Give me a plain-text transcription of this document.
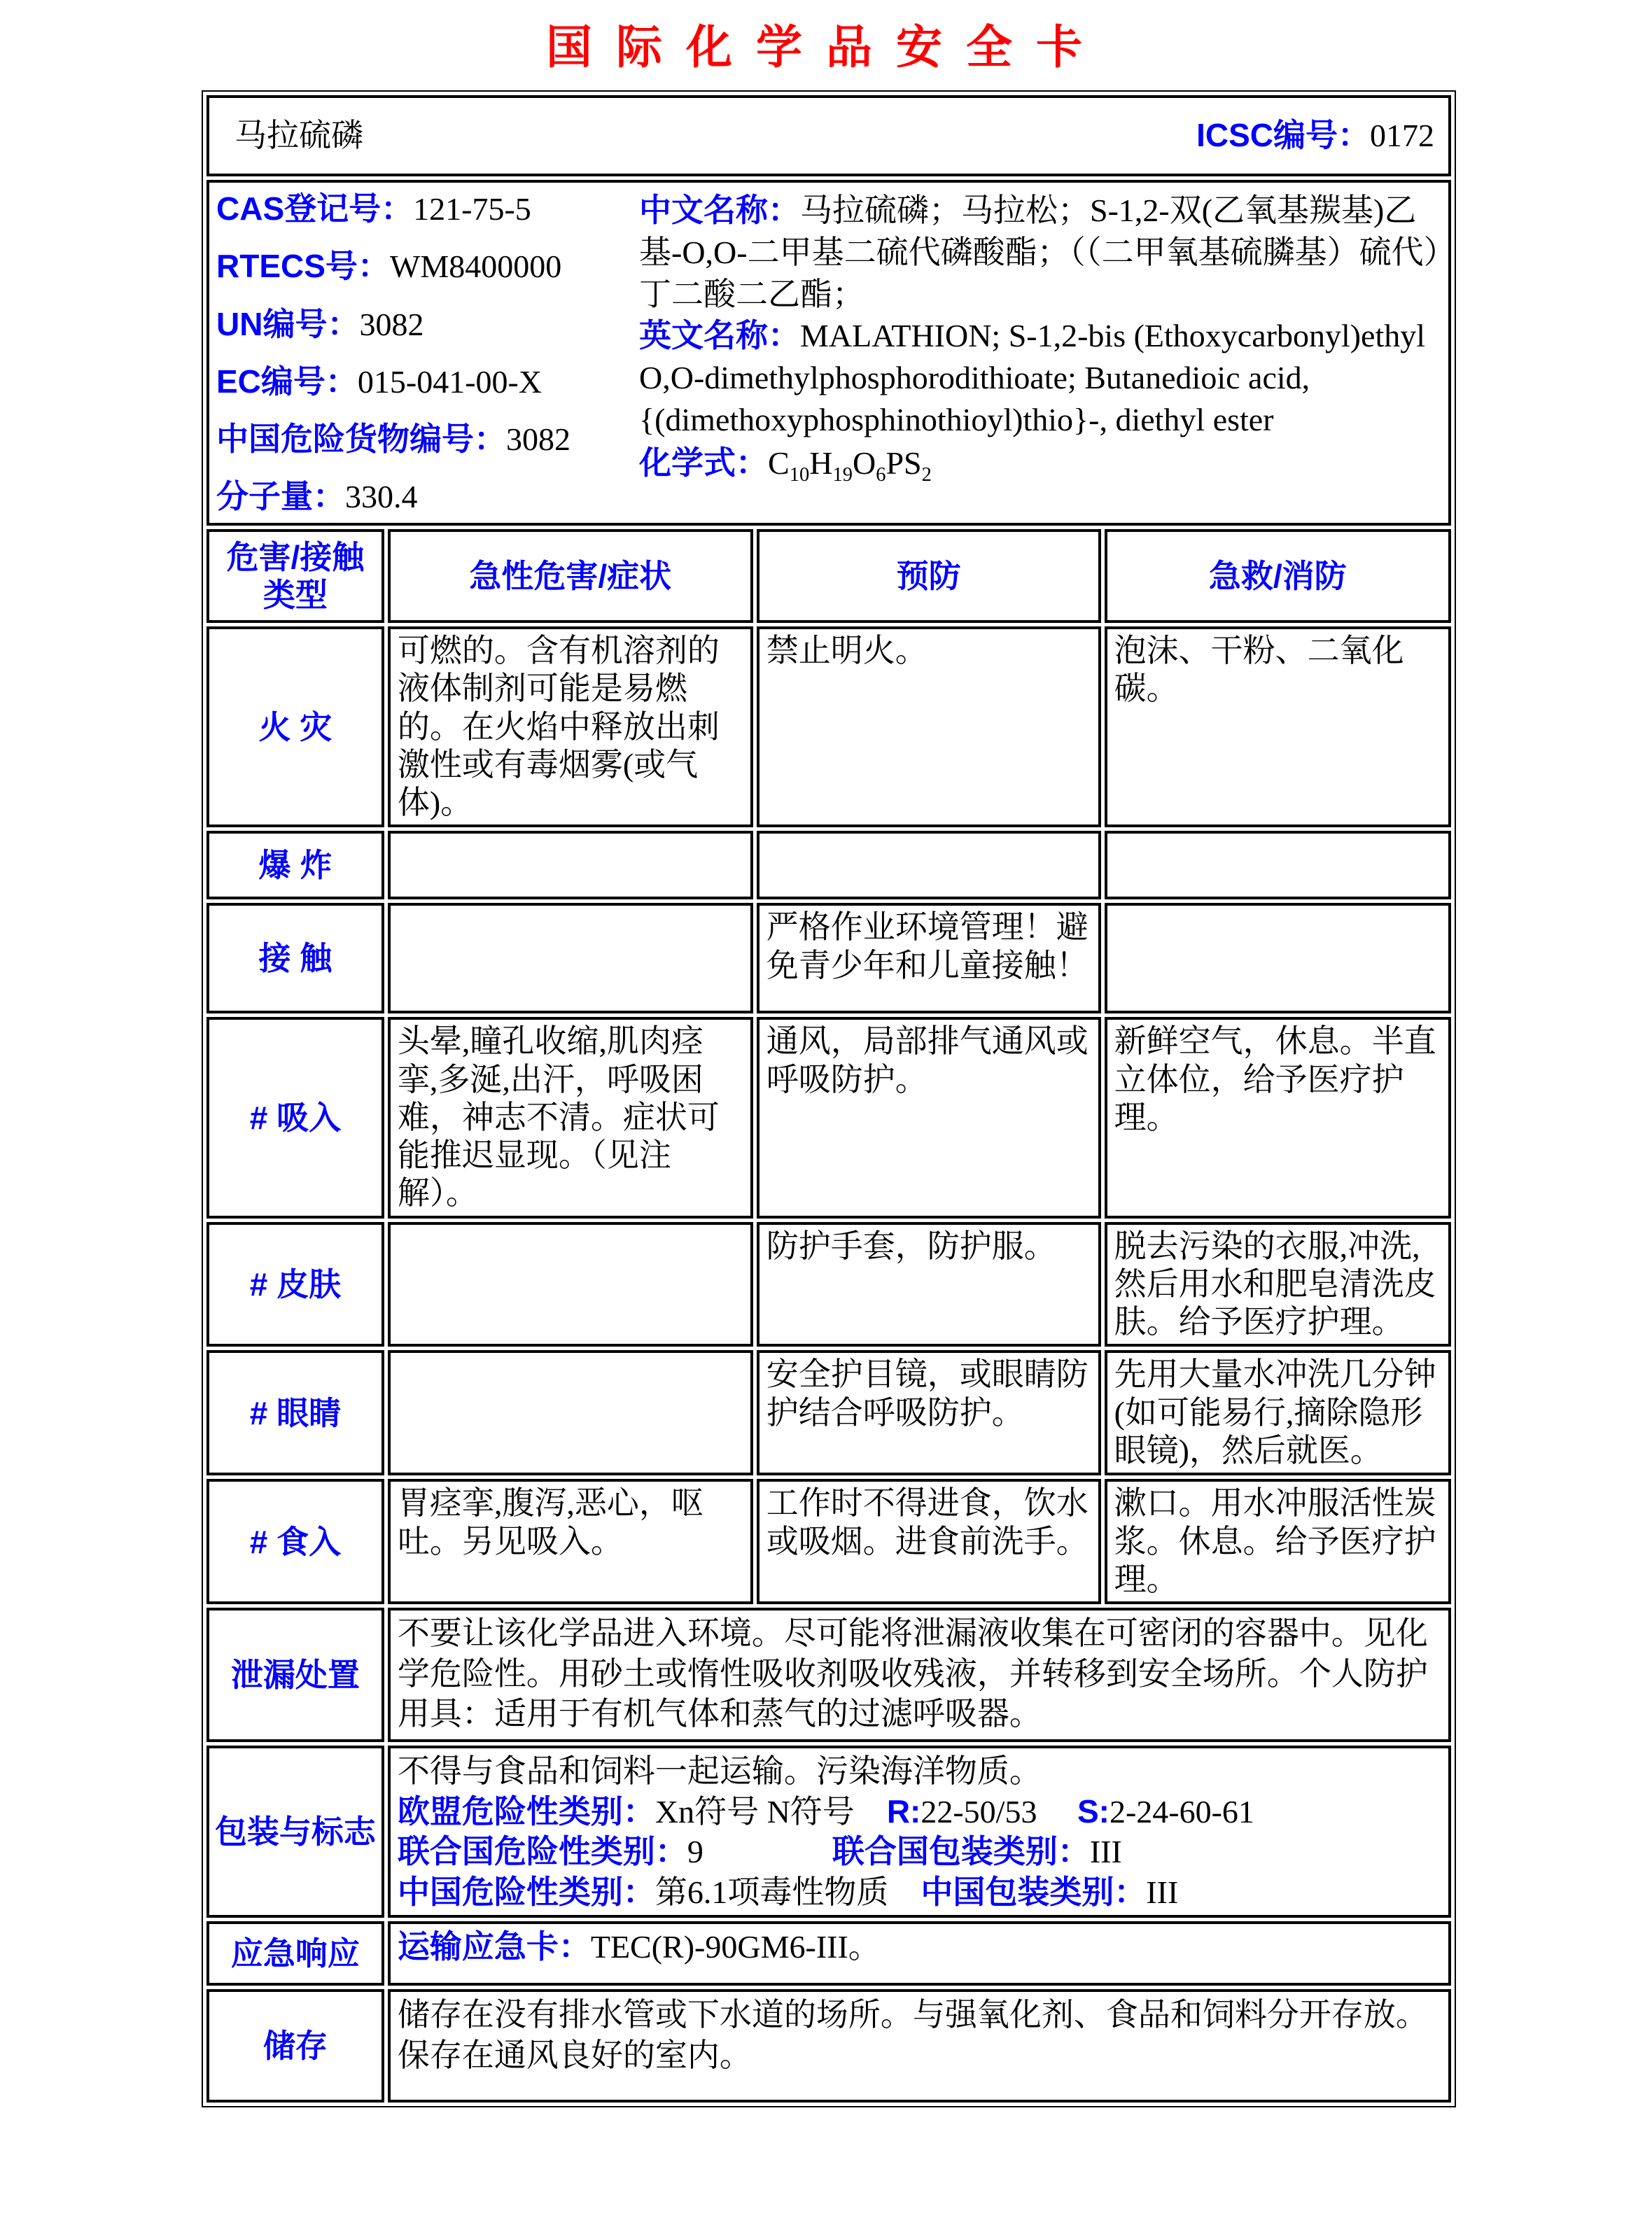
国际化学品安全卡
马拉硫磷 ICSC编号：0172			

CAS登记号：121-75-5
RTECS号：WM8400000
UN编号：3082
EC编号：015-041-00-X
中国危险货物编号：3082
分子量：330.4
中文名称：马拉硫磷；马拉松；S-1,2-双(乙氧基羰基)乙基-O,O-二甲基二硫代磷酸酯；（（二甲氧基硫膦基）硫代）丁二酸二乙酯；
英文名称：MALATHION; S-1,2-bis (Ethoxycarbonyl)ethyl O,O-dimethylphosphorodithioate; Butanedioic acid, {(dimethoxyphosphinothioyl)thio}-, diethyl ester
化学式：$C_{10}H_{19}O_6PS_2$

危害/接触类型	急性危害/症状	预防	急救/消防
火 灾	可燃的。含有机溶剂的液体制剂可能是易燃的。在火焰中释放出刺激性或有毒烟雾(或气体)。	禁止明火。	泡沫、干粉、二氧化碳。
爆 炸			
接 触		严格作业环境管理！避免青少年和儿童接触！	
# 吸入	头晕,瞳孔收缩,肌肉痉挛,多涎,出汗，呼吸困难，神志不清。症状可能推迟显现。（见注解）。	通风，局部排气通风或呼吸防护。	新鲜空气，休息。半直立体位，给予医疗护理。
# 皮肤		防护手套，防护服。	脱去污染的衣服,冲洗,然后用水和肥皂清洗皮肤。给予医疗护理。
# 眼睛		安全护目镜，或眼睛防护结合呼吸防护。	先用大量水冲洗几分钟(如可能易行,摘除隐形眼镜)，然后就医。
# 食入	胃痉挛,腹泻,恶心，呕吐。另见吸入。	工作时不得进食，饮水或吸烟。进食前洗手。	漱口。用水冲服活性炭浆。休息。给予医疗护理。
泄漏处置	不要让该化学品进入环境。尽可能将泄漏液收集在可密闭的容器中。见化学危险性。用砂土或惰性吸收剂吸收残液，并转移到安全场所。个人防护用具：适用于有机气体和蒸气的过滤呼吸器。		

包装与标志	不得与食品和饲料一起运输。污染海洋物质。
欧盟危险性类别：Xn符号 N符号　R:22-50/53　 S:2-24-60-61
联合国危险性类别：9　　　　联合国包装类别：III
中国危险性类别：第6.1项毒性物质　中国包装类别：III		

应急响应	运输应急卡：TEC(R)-90GM6-III。		

储存	储存在没有排水管或下水道的场所。与强氧化剂、食品和饲料分开存放。保存在通风良好的室内。		
